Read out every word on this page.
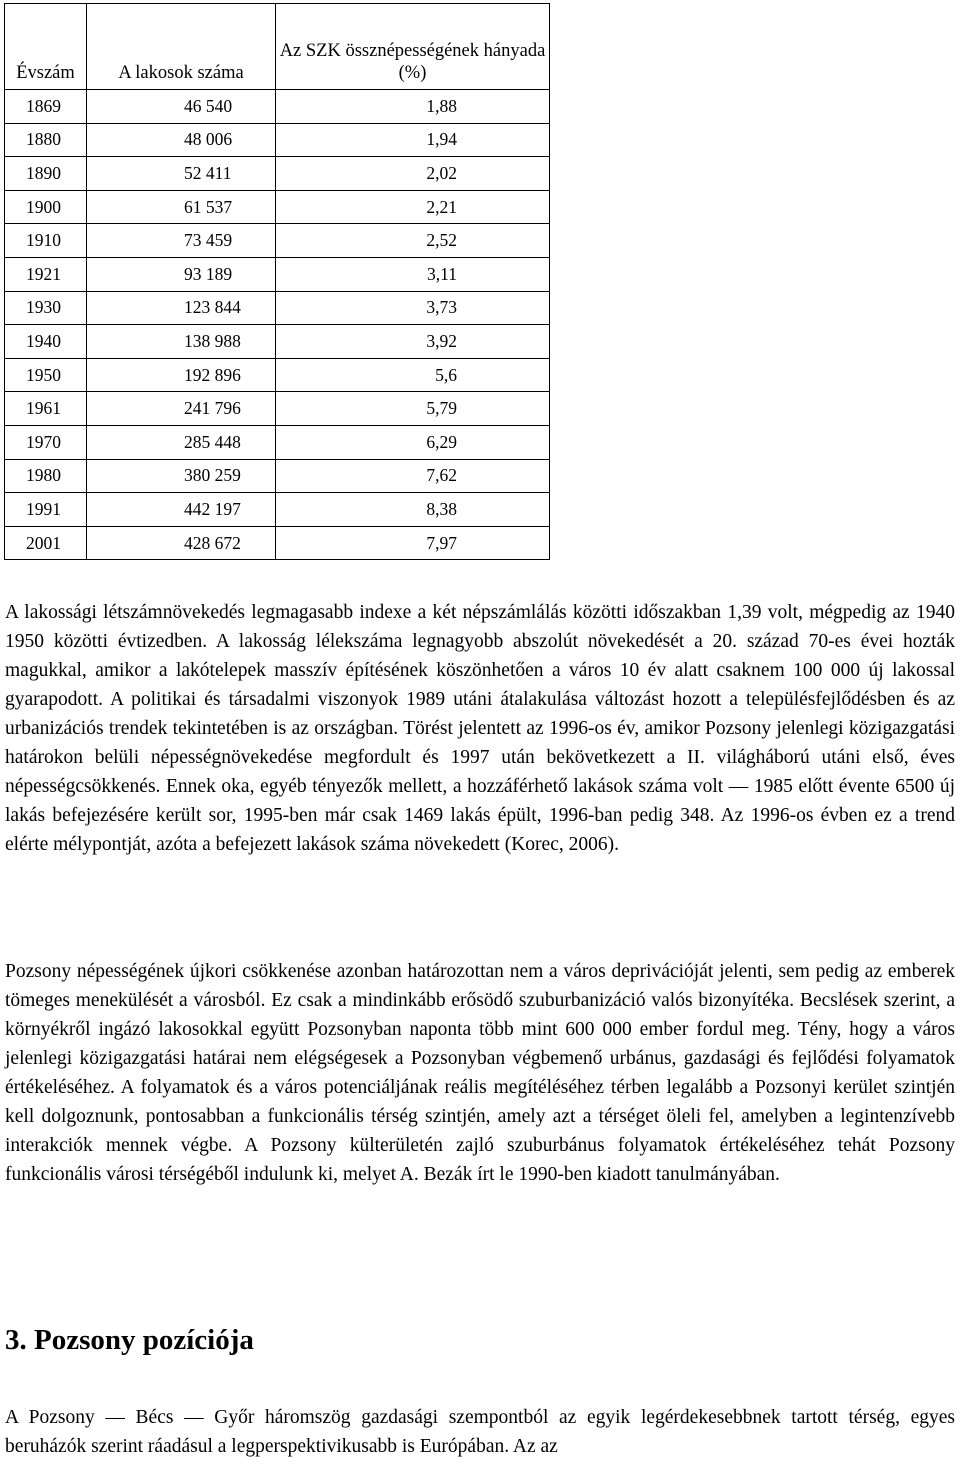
Évszám	A lakosok száma	Az SZK össznépességének hányada (%)
1869	46 540	1,88
1880	48 006	1,94
1890	52 411	2,02
1900	61 537	2,21
1910	73 459	2,52
1921	93 189	3,11
1930	123 844	3,73
1940	138 988	3,92
1950	192 896	5,6
1961	241 796	5,79
1970	285 448	6,29
1980	380 259	7,62
1991	442 197	8,38
2001	428 672	7,97

A lakossági létszámnövekedés legmagasabb indexe a két népszámlálás közötti időszakban 1,39 volt, mégpedig az 1940 1950 közötti évtizedben. A lakosság lélekszáma legnagyobb abszolút növekedését a 20. század 70-es évei hozták magukkal, amikor a lakótelepek masszív építésének köszönhetően a város 10 év alatt csaknem 100 000 új lakossal gyarapodott. A politikai és társadalmi viszonyok 1989 utáni átalakulása változást hozott a településfejlődésben és az urbanizációs trendek tekintetében is az országban. Törést jelentett az 1996-os év, amikor Pozsony jelenlegi közigazgatási határokon belüli népességnövekedése megfordult és 1997 után bekövetkezett a II. világháború utáni első, éves népességcsökkenés. Ennek oka, egyéb tényezők mellett, a hozzáférhető lakások száma volt — 1985 előtt évente 6500 új lakás befejezésére került sor, 1995-ben már csak 1469 lakás épült, 1996-ban pedig 348. Az 1996-os évben ez a trend elérte mélypontját, azóta a befejezett lakások száma növekedett (Korec, 2006).

Pozsony népességének újkori csökkenése azonban határozottan nem a város deprivációját jelenti, sem pedig az emberek tömeges menekülését a városból. Ez csak a mindinkább erősödő szuburbanizáció valós bizonyítéka. Becslések szerint, a környékről ingázó lakosokkal együtt Pozsonyban naponta több mint 600 000 ember fordul meg. Tény, hogy a város jelenlegi közigazgatási határai nem elégségesek a Pozsonyban végbemenő urbánus, gazdasági és fejlődési folyamatok értékeléséhez. A folyamatok és a város potenciáljának reális megítéléséhez térben legalább a Pozsonyi kerület szintjén kell dolgoznunk, pontosabban a funkcionális térség szintjén, amely azt a térséget öleli fel, amelyben a legintenzívebb interakciók mennek végbe. A Pozsony külterületén zajló szuburbánus folyamatok értékeléséhez tehát Pozsony funkcionális városi térségéből indulunk ki, melyet A. Bezák írt le 1990-ben kiadott tanulmányában.

3. Pozsony pozíciója

A Pozsony — Bécs — Győr háromszög gazdasági szempontból az egyik legérdekesebbnek tartott térség, egyes beruházók szerint ráadásul a legperspektivikusabb is Európában. Az az
